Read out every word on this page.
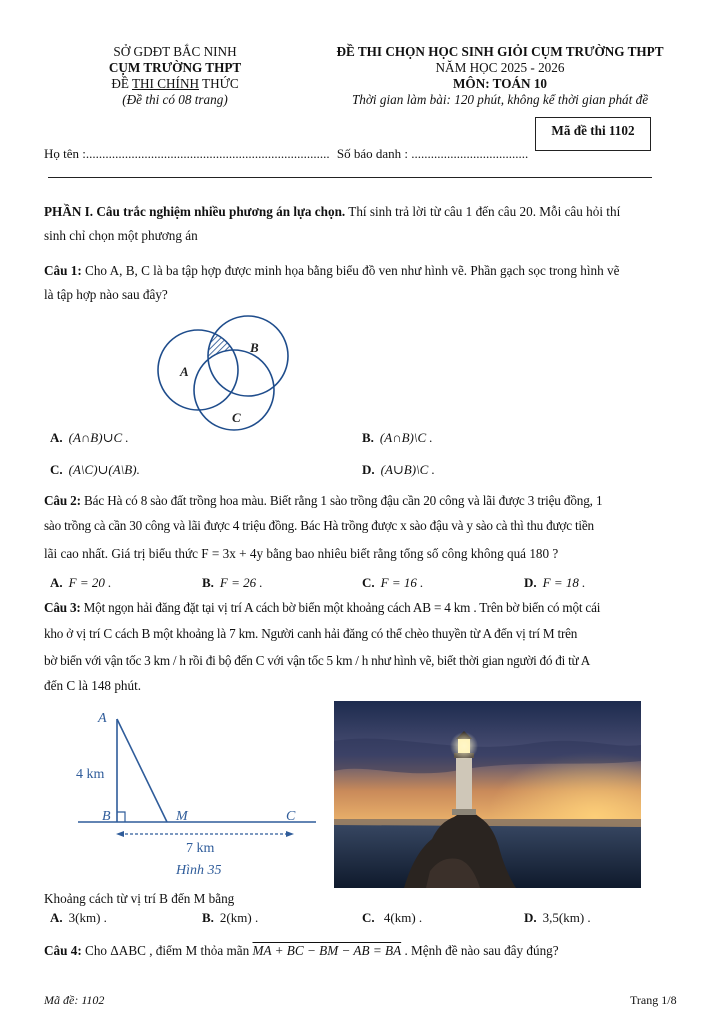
SỞ GDĐT BẮC NINH
CỤM TRƯỜNG THPT
ĐỀ THI CHÍNH THỨC
(Đề thi có 08 trang)
ĐỀ THI CHỌN HỌC SINH GIỎI CỤM TRƯỜNG THPT
NĂM HỌC 2025 - 2026
MÔN: TOÁN 10
Thời gian làm bài: 120 phút, không kể thời gian phát đề
Mã đề thi 1102
Họ tên :........................................................................... Số báo danh : ....................................
PHẦN I. Câu trắc nghiệm nhiều phương án lựa chọn. Thí sinh trả lời từ câu 1 đến câu 20. Mỗi câu hỏi thí
sinh chỉ chọn một phương án
Câu 1: Cho A, B, C là ba tập hợp được minh họa bằng biểu đồ ven như hình vẽ. Phần gạch sọc trong hình vẽ
là tập hợp nào sau đây?
A
B
C
A. (A∩B)∪C .	B. (A∩B)\C .
C. (A\C)∪(A\B).	D. (A∪B)\C .
Câu 2: Bác Hà có 8 sào đất trồng hoa màu. Biết rằng 1 sào trồng đậu cần 20 công và lãi được 3 triệu đồng, 1
sào trồng cà cần 30 công và lãi được 4 triệu đồng. Bác Hà trồng được x sào đậu và y sào cà thì thu được tiền
lãi cao nhất. Giá trị biểu thức F = 3x + 4y bằng bao nhiêu biết rằng tổng số công không quá 180 ?
A. F = 20 .	B. F = 26 .	C. F = 16 .	D. F = 18 .
Câu 3: Một ngọn hải đăng đặt tại vị trí A cách bờ biển một khoảng cách AB = 4 km . Trên bờ biển có một cái
kho ở vị trí C cách B một khoảng là 7 km. Người canh hải đăng có thể chèo thuyền từ A đến vị trí M trên
bờ biển với vận tốc 3 km / h rồi đi bộ đến C với vận tốc 5 km / h như hình vẽ, biết thời gian người đó đi từ A
đến C là 148 phút.
A
4 km
B	M	C
7 km
Hình 35
Khoảng cách từ vị trí B đến M bằng
A. 3(km) .	B. 2(km) .	C. 4(km) .	D. 3,5(km) .
Câu 4: Cho ΔABC , điểm M thỏa mãn MA + BC − BM − AB = BA . Mệnh đề nào sau đây đúng?
Mã đề: 1102	Trang 1/8
